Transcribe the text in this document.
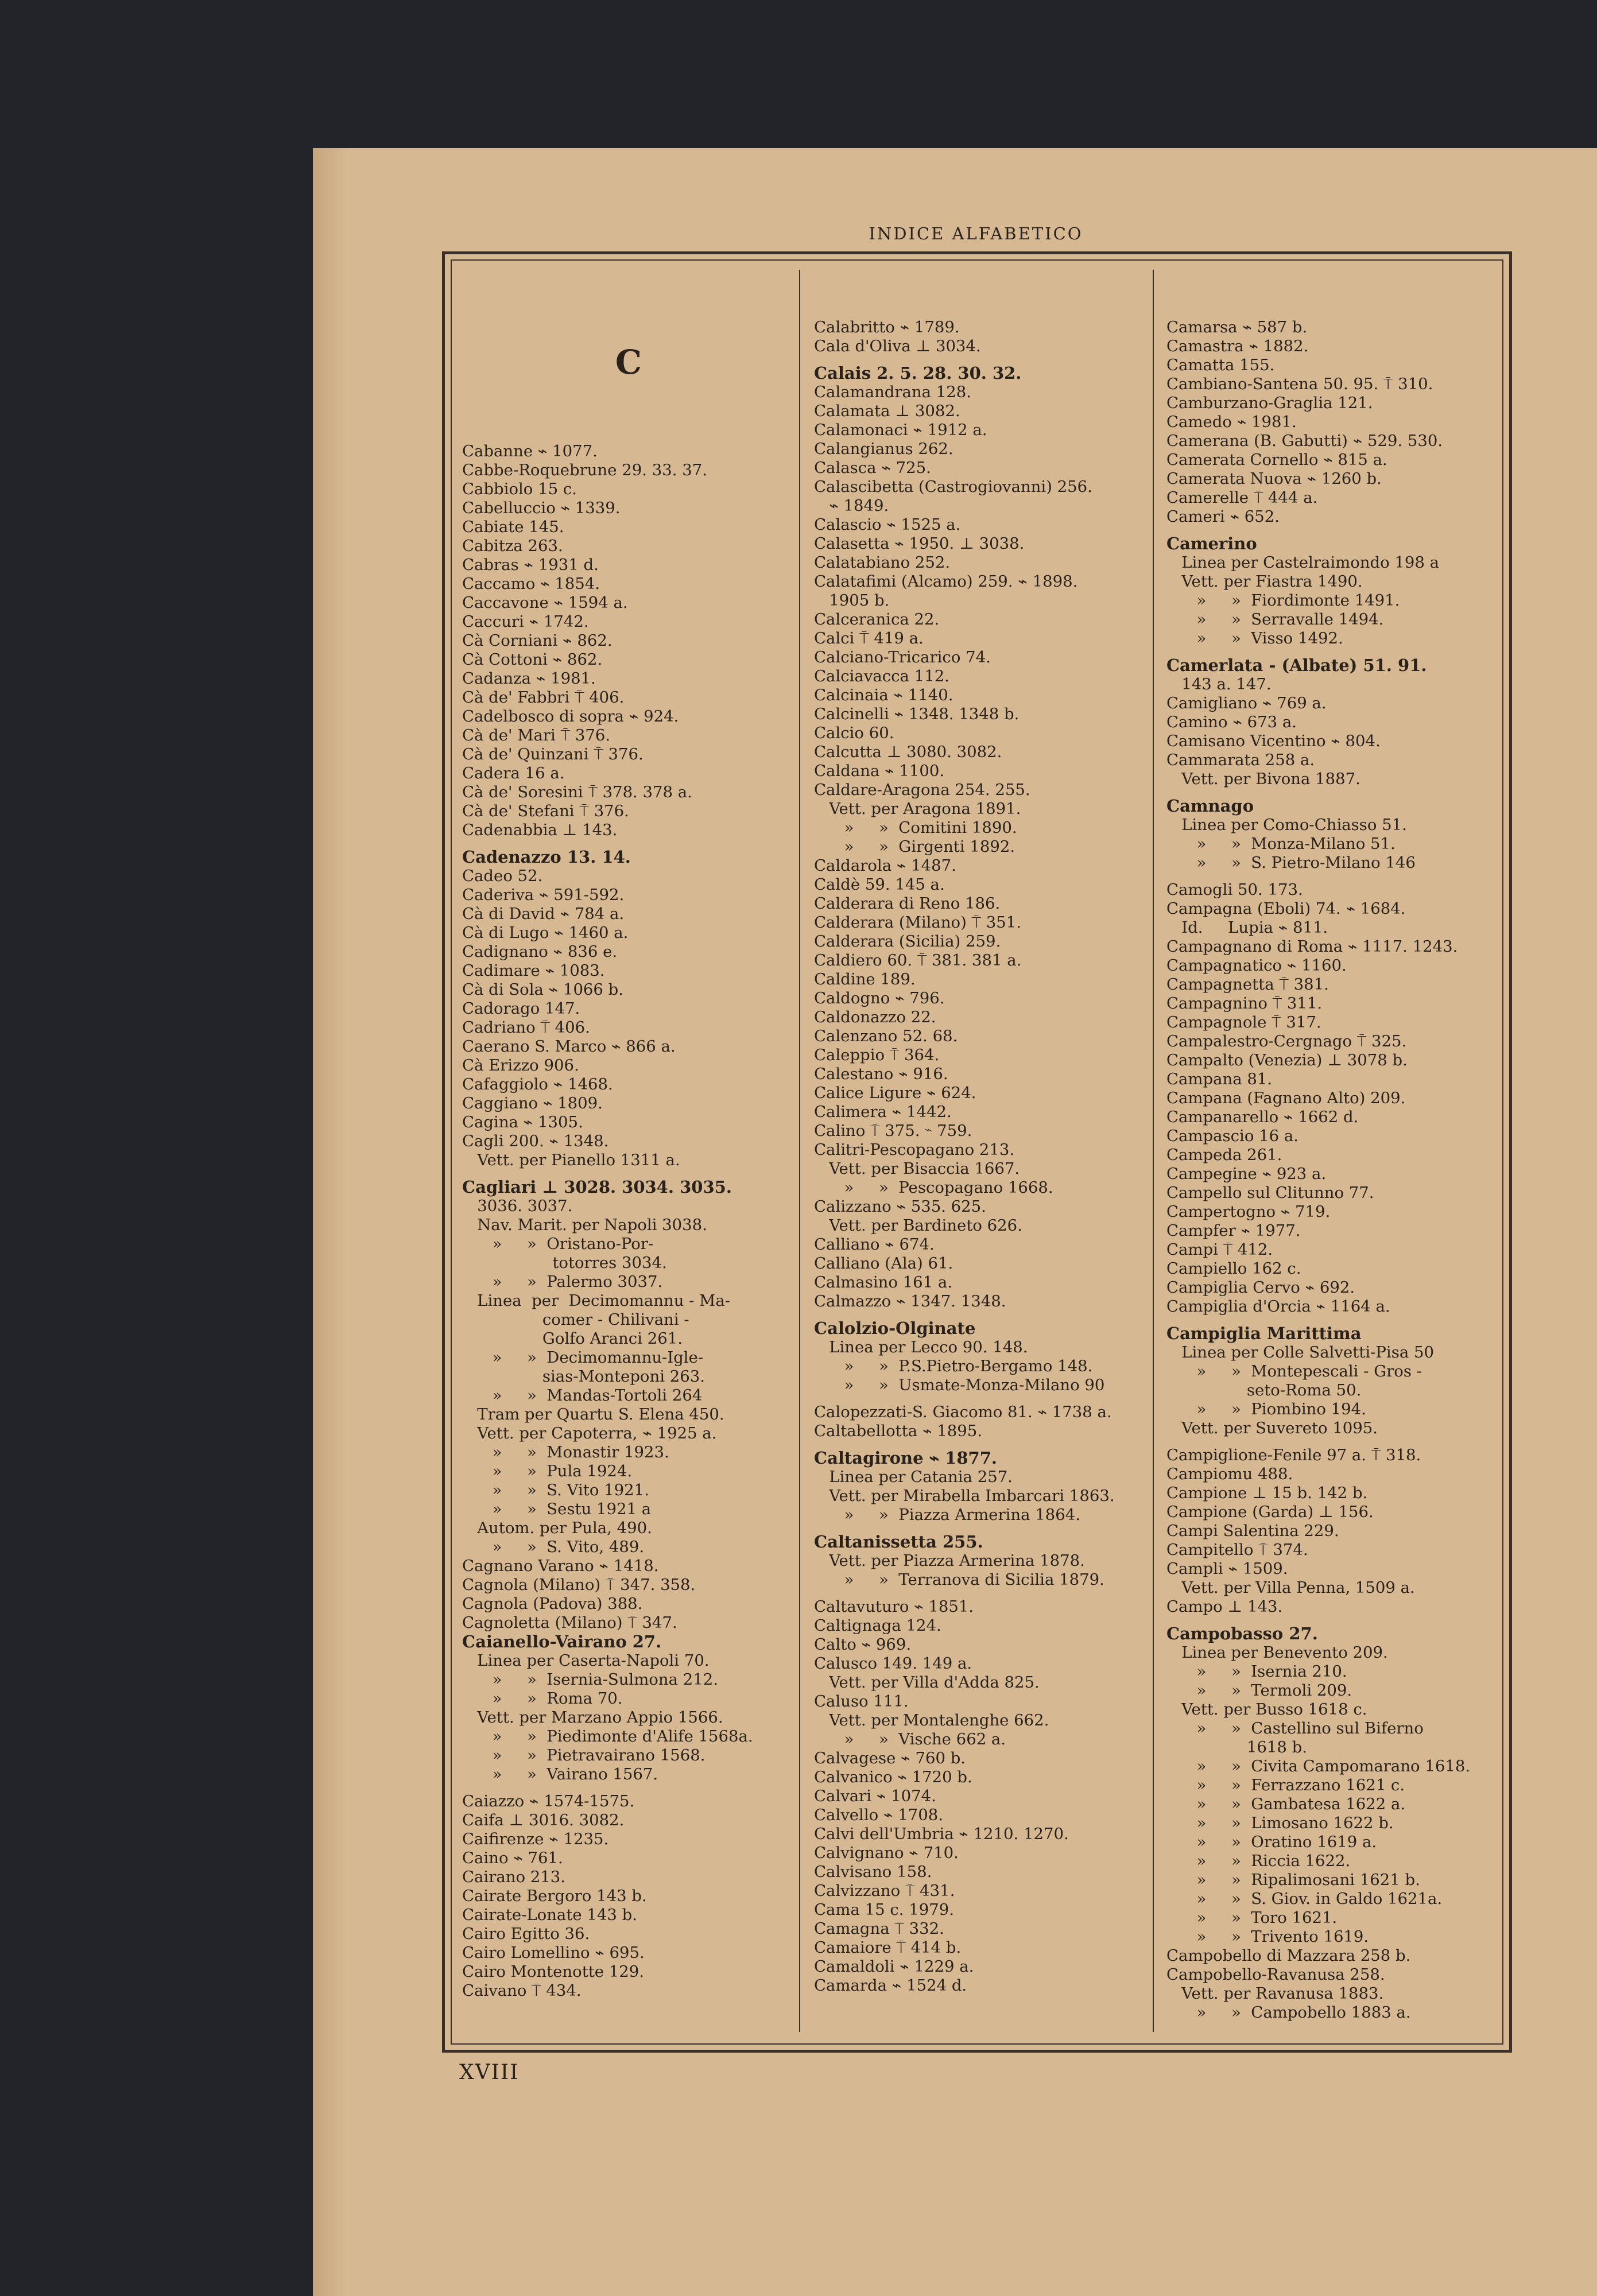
INDICE ALFABETICO

C

Cabanne ⌁ 1077.
Cabbe-Roquebrune 29. 33. 37.
Cabbiolo 15 c.
Cabelluccio ⌁ 1339.
Cabiate 145.
Cabitza 263.
Cabras ⌁ 1931 d.
Caccamo ⌁ 1854.
Caccavone ⌁ 1594 a.
Caccuri ⌁ 1742.
Cà Corniani ⌁ 862.
Cà Cottoni ⌁ 862.
Cadanza ⌁ 1981.
Cà de' Fabbri ⍑ 406.
Cadelbosco di sopra ⌁ 924.
Cà de' Mari ⍑ 376.
Cà de' Quinzani ⍑ 376.
Cadera 16 a.
Cà de' Soresini ⍑ 378. 378 a.
Cà de' Stefani ⍑ 376.
Cadenabbia ⊥ 143.
Cadenazzo 13. 14.
Cadeo 52.
Caderiva ⌁ 591-592.
Cà di David ⌁ 784 a.
Cà di Lugo ⌁ 1460 a.
Cadignano ⌁ 836 e.
Cadimare ⌁ 1083.
Cà di Sola ⌁ 1066 b.
Cadorago 147.
Cadriano ⍑ 406.
Caerano S. Marco ⌁ 866 a.
Cà Erizzo 906.
Cafaggiolo ⌁ 1468.
Caggiano ⌁ 1809.
Cagina ⌁ 1305.
Cagli 200. ⌁ 1348.
Vett. per Pianello 1311 a.
Cagliari ⊥ 3028. 3034. 3035.
3036. 3037.
Nav. Marit. per Napoli 3038.
»     »  Oristano-Por-
totorres 3034.
»     »  Palermo 3037.
Linea  per  Decimomannu - Ma-
comer - Chilivani -
Golfo Aranci 261.
»     »  Decimomannu-Igle-
sias-Monteponi 263.
»     »  Mandas-Tortoli 264
Tram per Quartu S. Elena 450.
Vett. per Capoterra, ⌁ 1925 a.
»     »  Monastir 1923.
»     »  Pula 1924.
»     »  S. Vito 1921.
»     »  Sestu 1921 a
Autom. per Pula, 490.
»     »  S. Vito, 489.
Cagnano Varano ⌁ 1418.
Cagnola (Milano) ⍑ 347. 358.
Cagnola (Padova) 388.
Cagnoletta (Milano) ⍑ 347.
Caianello-Vairano 27.
Linea per Caserta-Napoli 70.
»     »  Isernia-Sulmona 212.
»     »  Roma 70.
Vett. per Marzano Appio 1566.
»     »  Piedimonte d'Alife 1568a.
»     »  Pietravairano 1568.
»     »  Vairano 1567.
Caiazzo ⌁ 1574-1575.
Caifa ⊥ 3016. 3082.
Caifirenze ⌁ 1235.
Caino ⌁ 761.
Cairano 213.
Cairate Bergoro 143 b.
Cairate-Lonate 143 b.
Cairo Egitto 36.
Cairo Lomellino ⌁ 695.
Cairo Montenotte 129.
Caivano ⍑ 434.

Calabritto ⌁ 1789.
Cala d'Oliva ⊥ 3034.
Calais 2. 5. 28. 30. 32.
Calamandrana 128.
Calamata ⊥ 3082.
Calamonaci ⌁ 1912 a.
Calangianus 262.
Calasca ⌁ 725.
Calascibetta (Castrogiovanni) 256.
⌁ 1849.
Calascio ⌁ 1525 a.
Calasetta ⌁ 1950. ⊥ 3038.
Calatabiano 252.
Calatafimi (Alcamo) 259. ⌁ 1898.
1905 b.
Calceranica 22.
Calci ⍑ 419 a.
Calciano-Tricarico 74.
Calciavacca 112.
Calcinaia ⌁ 1140.
Calcinelli ⌁ 1348. 1348 b.
Calcio 60.
Calcutta ⊥ 3080. 3082.
Caldana ⌁ 1100.
Caldare-Aragona 254. 255.
Vett. per Aragona 1891.
»     »  Comitini 1890.
»     »  Girgenti 1892.
Caldarola ⌁ 1487.
Caldè 59. 145 a.
Calderara di Reno 186.
Calderara (Milano) ⍑ 351.
Calderara (Sicilia) 259.
Caldiero 60. ⍑ 381. 381 a.
Caldine 189.
Caldogno ⌁ 796.
Caldonazzo 22.
Calenzano 52. 68.
Caleppio ⍑ 364.
Calestano ⌁ 916.
Calice Ligure ⌁ 624.
Calimera ⌁ 1442.
Calino ⍑ 375. ⌁ 759.
Calitri-Pescopagano 213.
Vett. per Bisaccia 1667.
»     »  Pescopagano 1668.
Calizzano ⌁ 535. 625.
Vett. per Bardineto 626.
Calliano ⌁ 674.
Calliano (Ala) 61.
Calmasino 161 a.
Calmazzo ⌁ 1347. 1348.
Calolzio-Olginate
Linea per Lecco 90. 148.
»     »  P.S.Pietro-Bergamo 148.
»     »  Usmate-Monza-Milano 90
Calopezzati-S. Giacomo 81. ⌁ 1738 a.
Caltabellotta ⌁ 1895.
Caltagirone ⌁ 1877.
Linea per Catania 257.
Vett. per Mirabella Imbarcari 1863.
»     »  Piazza Armerina 1864.
Caltanissetta 255.
Vett. per Piazza Armerina 1878.
»     »  Terranova di Sicilia 1879.
Caltavuturo ⌁ 1851.
Caltignaga 124.
Calto ⌁ 969.
Calusco 149. 149 a.
Vett. per Villa d'Adda 825.
Caluso 111.
Vett. per Montalenghe 662.
»     »  Vische 662 a.
Calvagese ⌁ 760 b.
Calvanico ⌁ 1720 b.
Calvari ⌁ 1074.
Calvello ⌁ 1708.
Calvi dell'Umbria ⌁ 1210. 1270.
Calvignano ⌁ 710.
Calvisano 158.
Calvizzano ⍑ 431.
Cama 15 c. 1979.
Camagna ⍑ 332.
Camaiore ⍑ 414 b.
Camaldoli ⌁ 1229 a.
Camarda ⌁ 1524 d.

Camarsa ⌁ 587 b.
Camastra ⌁ 1882.
Camatta 155.
Cambiano-Santena 50. 95. ⍑ 310.
Camburzano-Graglia 121.
Camedo ⌁ 1981.
Camerana (B. Gabutti) ⌁ 529. 530.
Camerata Cornello ⌁ 815 a.
Camerata Nuova ⌁ 1260 b.
Camerelle ⍑ 444 a.
Cameri ⌁ 652.
Camerino
Linea per Castelraimondo 198 a
Vett. per Fiastra 1490.
»     »  Fiordimonte 1491.
»     »  Serravalle 1494.
»     »  Visso 1492.
Camerlata - (Albate) 51. 91.
143 a. 147.
Camigliano ⌁ 769 a.
Camino ⌁ 673 a.
Camisano Vicentino ⌁ 804.
Cammarata 258 a.
Vett. per Bivona 1887.
Camnago
Linea per Como-Chiasso 51.
»     »  Monza-Milano 51.
»     »  S. Pietro-Milano 146
Camogli 50. 173.
Campagna (Eboli) 74. ⌁ 1684.
Id.     Lupia ⌁ 811.
Campagnano di Roma ⌁ 1117. 1243.
Campagnatico ⌁ 1160.
Campagnetta ⍑ 381.
Campagnino ⍑ 311.
Campagnole ⍑ 317.
Campalestro-Cergnago ⍑ 325.
Campalto (Venezia) ⊥ 3078 b.
Campana 81.
Campana (Fagnano Alto) 209.
Campanarello ⌁ 1662 d.
Campascio 16 a.
Campeda 261.
Campegine ⌁ 923 a.
Campello sul Clitunno 77.
Campertogno ⌁ 719.
Campfer ⌁ 1977.
Campi ⍑ 412.
Campiello 162 c.
Campiglia Cervo ⌁ 692.
Campiglia d'Orcia ⌁ 1164 a.
Campiglia Marittima
Linea per Colle Salvetti-Pisa 50
»     »  Montepescali - Gros -
seto-Roma 50.
»     »  Piombino 194.
Vett. per Suvereto 1095.
Campiglione-Fenile 97 a. ⍑ 318.
Campiomu 488.
Campione ⊥ 15 b. 142 b.
Campione (Garda) ⊥ 156.
Campi Salentina 229.
Campitello ⍑ 374.
Campli ⌁ 1509.
Vett. per Villa Penna, 1509 a.
Campo ⊥ 143.
Campobasso 27.
Linea per Benevento 209.
»     »  Isernia 210.
»     »  Termoli 209.
Vett. per Busso 1618 c.
»     »  Castellino sul Biferno
1618 b.
»     »  Civita Campomarano 1618.
»     »  Ferrazzano 1621 c.
»     »  Gambatesa 1622 a.
»     »  Limosano 1622 b.
»     »  Oratino 1619 a.
»     »  Riccia 1622.
»     »  Ripalimosani 1621 b.
»     »  S. Giov. in Galdo 1621a.
»     »  Toro 1621.
»     »  Trivento 1619.
Campobello di Mazzara 258 b.
Campobello-Ravanusa 258.
Vett. per Ravanusa 1883.
»     »  Campobello 1883 a.

XVIII
